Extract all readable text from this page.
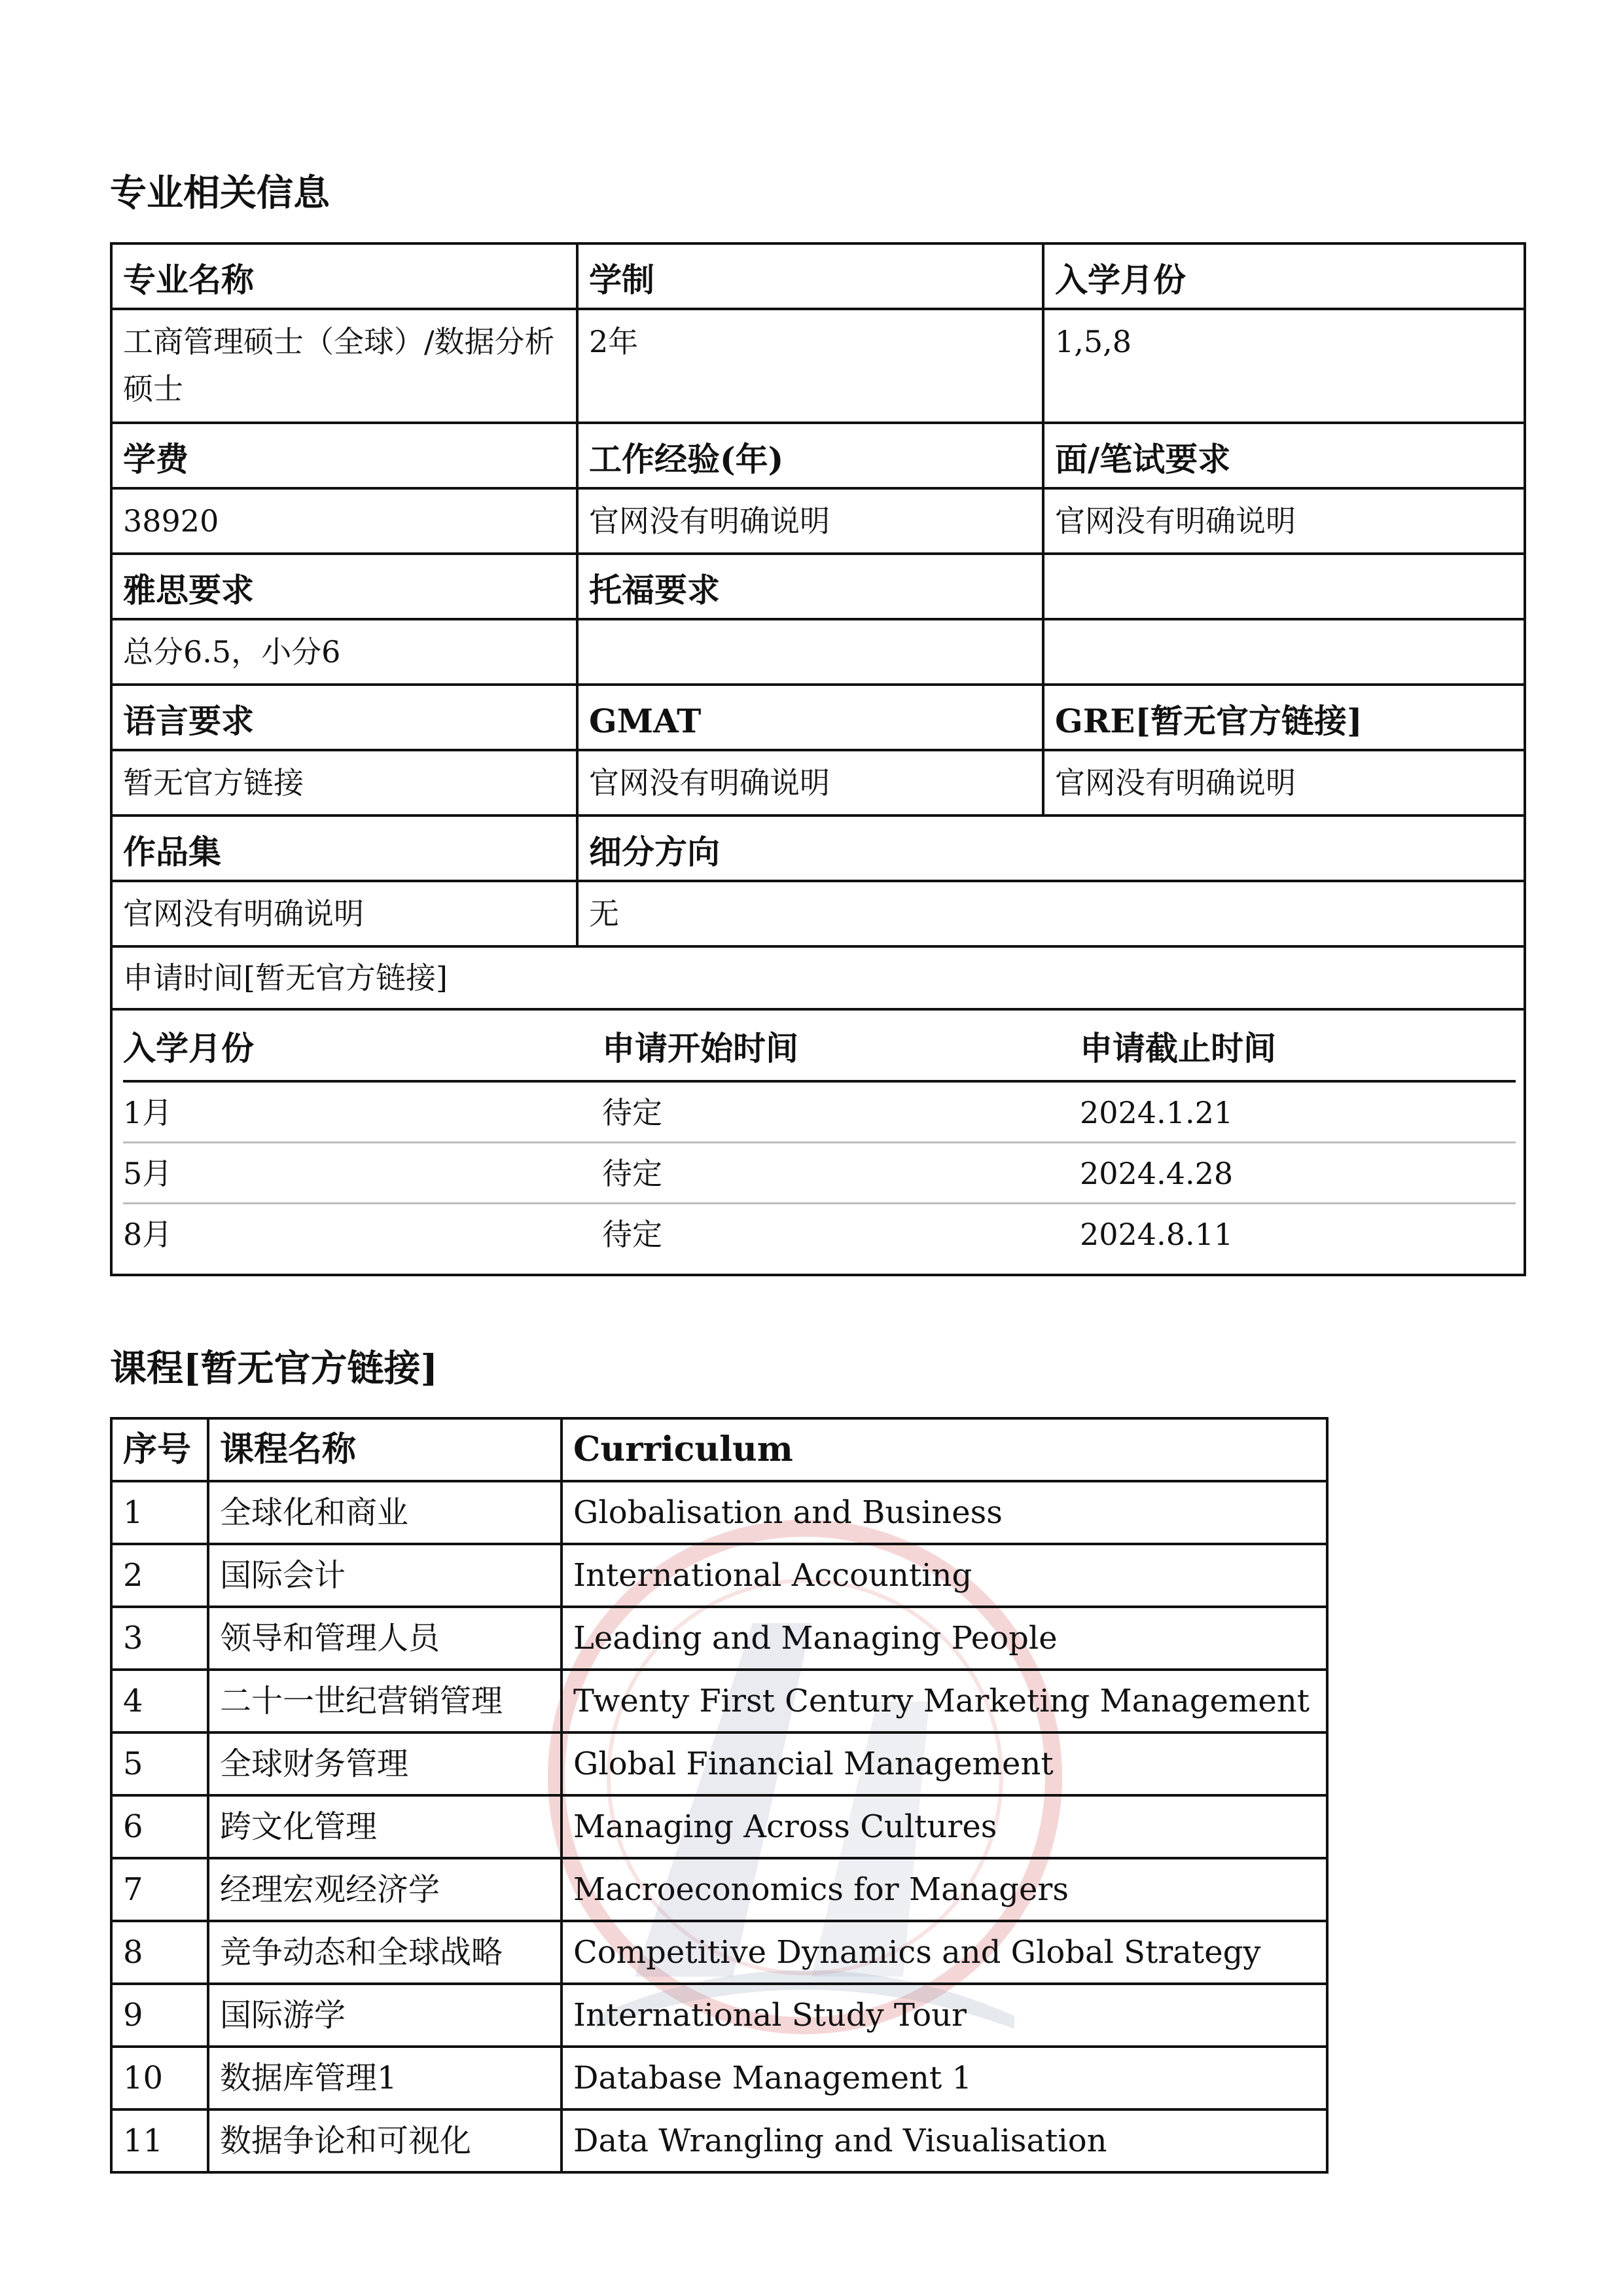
专业相关信息
专业名称	学制	入学月份
工商管理硕士（全球）/数据分析硕士	2年	1,5,8
学费	工作经验(年)	面/笔试要求
38920	官网没有明确说明	官网没有明确说明
雅思要求	托福要求	
总分6.5，小分6		
语言要求	GMAT	GRE[暂无官方链接]
暂无官方链接	官网没有明确说明	官网没有明确说明
作品集	细分方向
官网没有明确说明	无

申请时间[暂无官方链接]
入学月份	申请开始时间	申请截止时间
1月	待定	2024.1.21
5月	待定	2024.4.28
8月	待定	2024.8.11
课程[暂无官方链接]
序号	课程名称	Curriculum
1	全球化和商业	Globalisation and Business
2	国际会计	International Accounting
3	领导和管理人员	Leading and Managing People
4	二十一世纪营销管理	Twenty First Century Marketing Management
5	全球财务管理	Global Financial Management
6	跨文化管理	Managing Across Cultures
7	经理宏观经济学	Macroeconomics for Managers
8	竞争动态和全球战略	Competitive Dynamics and Global Strategy
9	国际游学	International Study Tour
10	数据库管理1	Database Management 1
11	数据争论和可视化	Data Wrangling and Visualisation
